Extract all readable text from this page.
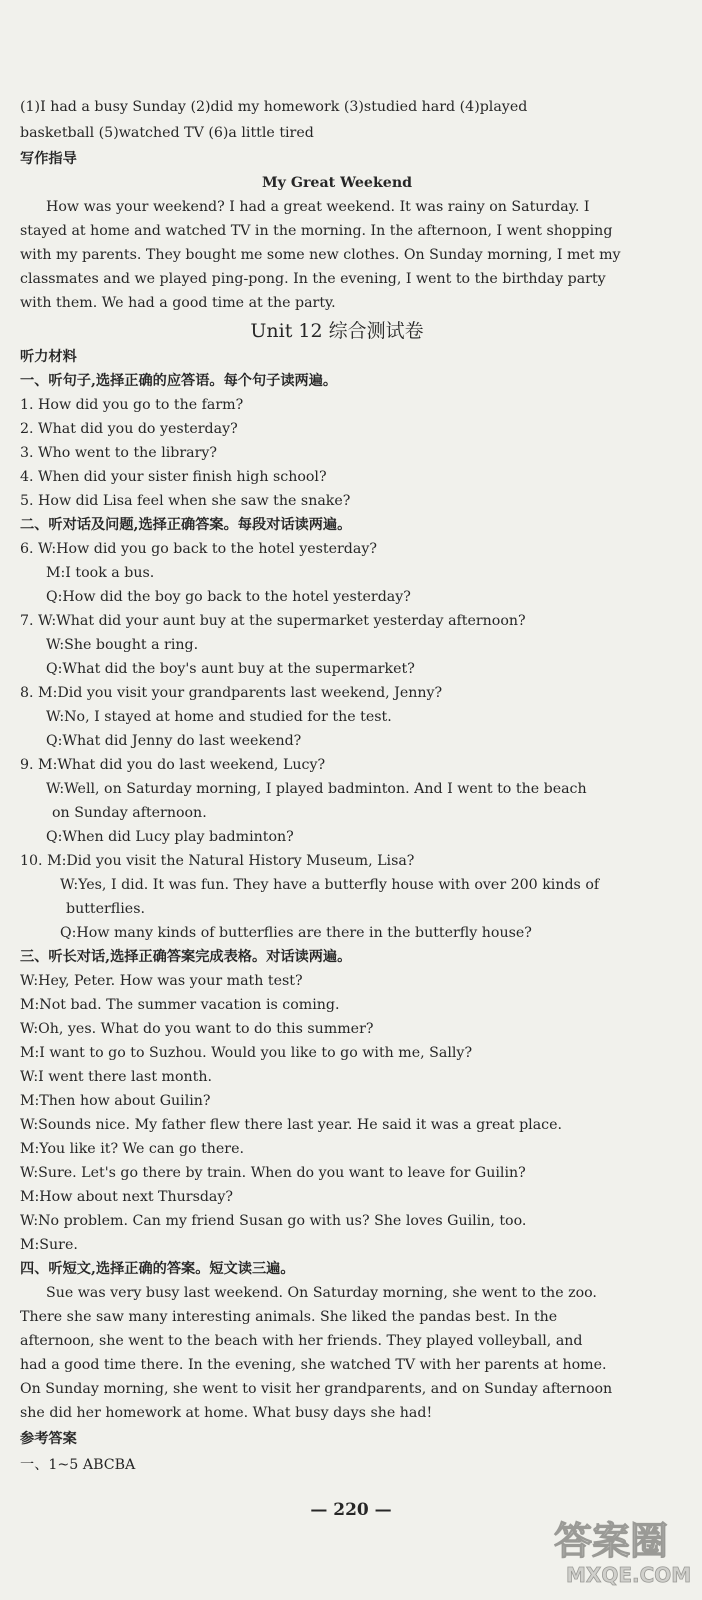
(1)I had a busy Sunday (2)did my homework (3)studied hard (4)played
basketball (5)watched TV (6)a little tired
写作指导
My Great Weekend
How was your weekend? I had a great weekend. It was rainy on Saturday. I
stayed at home and watched TV in the morning. In the afternoon, I went shopping
with my parents. They bought me some new clothes. On Sunday morning, I met my
classmates and we played ping-pong. In the evening, I went to the birthday party
with them. We had a good time at the party.
Unit 12 综合测试卷
听力材料
一、听句子,选择正确的应答语。每个句子读两遍。
1. How did you go to the farm?
2. What did you do yesterday?
3. Who went to the library?
4. When did your sister finish high school?
5. How did Lisa feel when she saw the snake?
二、听对话及问题,选择正确答案。每段对话读两遍。
6. W:How did you go back to the hotel yesterday?
M:I took a bus.
Q:How did the boy go back to the hotel yesterday?
7. W:What did your aunt buy at the supermarket yesterday afternoon?
W:She bought a ring.
Q:What did the boy's aunt buy at the supermarket?
8. M:Did you visit your grandparents last weekend, Jenny?
W:No, I stayed at home and studied for the test.
Q:What did Jenny do last weekend?
9. M:What did you do last weekend, Lucy?
W:Well, on Saturday morning, I played badminton. And I went to the beach
on Sunday afternoon.
Q:When did Lucy play badminton?
10. M:Did you visit the Natural History Museum, Lisa?
W:Yes, I did. It was fun. They have a butterfly house with over 200 kinds of
butterflies.
Q:How many kinds of butterflies are there in the butterfly house?
三、听长对话,选择正确答案完成表格。对话读两遍。
W:Hey, Peter. How was your math test?
M:Not bad. The summer vacation is coming.
W:Oh, yes. What do you want to do this summer?
M:I want to go to Suzhou. Would you like to go with me, Sally?
W:I went there last month.
M:Then how about Guilin?
W:Sounds nice. My father flew there last year. He said it was a great place.
M:You like it? We can go there.
W:Sure. Let's go there by train. When do you want to leave for Guilin?
M:How about next Thursday?
W:No problem. Can my friend Susan go with us? She loves Guilin, too.
M:Sure.
四、听短文,选择正确的答案。短文读三遍。
Sue was very busy last weekend. On Saturday morning, she went to the zoo.
There she saw many interesting animals. She liked the pandas best. In the
afternoon, she went to the beach with her friends. They played volleyball, and
had a good time there. In the evening, she watched TV with her parents at home.
On Sunday morning, she went to visit her grandparents, and on Sunday afternoon
she did her homework at home. What busy days she had!
参考答案
一、1~5 ABCBA
— 220 —
答案圈
MXQE.COM
